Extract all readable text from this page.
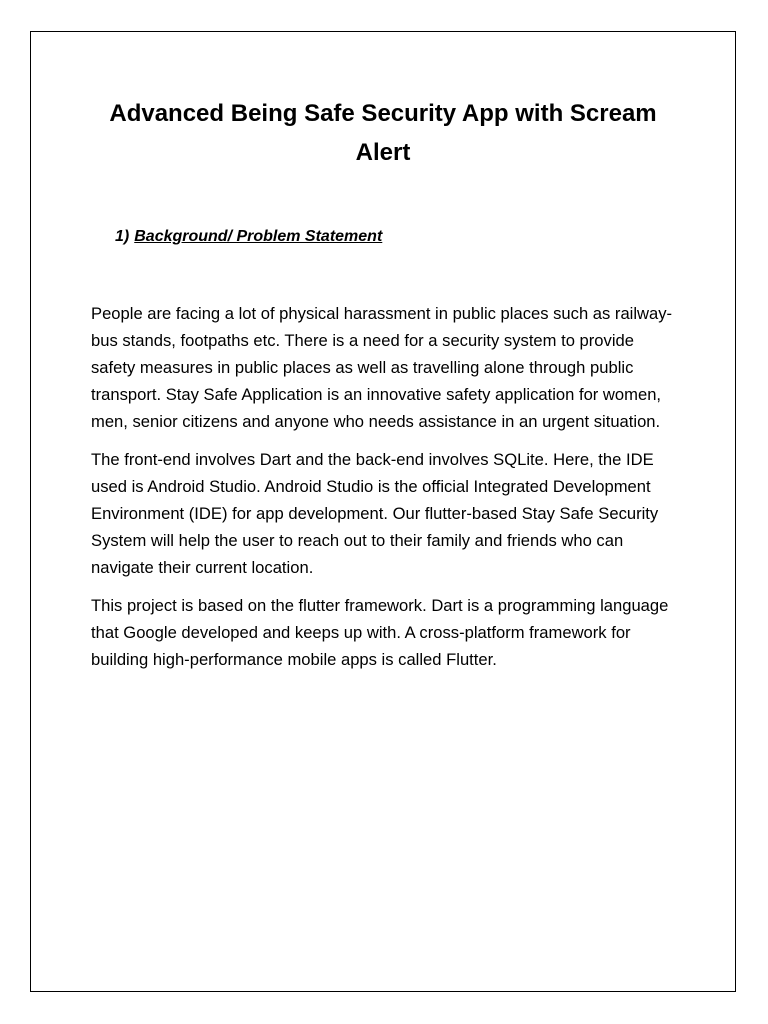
Advanced Being Safe Security App with Scream Alert
1) Background/ Problem Statement

People are facing a lot of physical harassment in public places such as railway-bus stands, footpaths etc. There is a need for a security system to provide safety measures in public places as well as travelling alone through public transport. Stay Safe Application is an innovative safety application for women, men, senior citizens and anyone who needs assistance in an urgent situation.

The front-end involves Dart and the back-end involves SQLite. Here, the IDE used is Android Studio. Android Studio is the official Integrated Development Environment (IDE) for app development. Our flutter-based Stay Safe Security System will help the user to reach out to their family and friends who can navigate their current location.

This project is based on the flutter framework. Dart is a programming language that Google developed and keeps up with. A cross-platform framework for building high-performance mobile apps is called Flutter.
